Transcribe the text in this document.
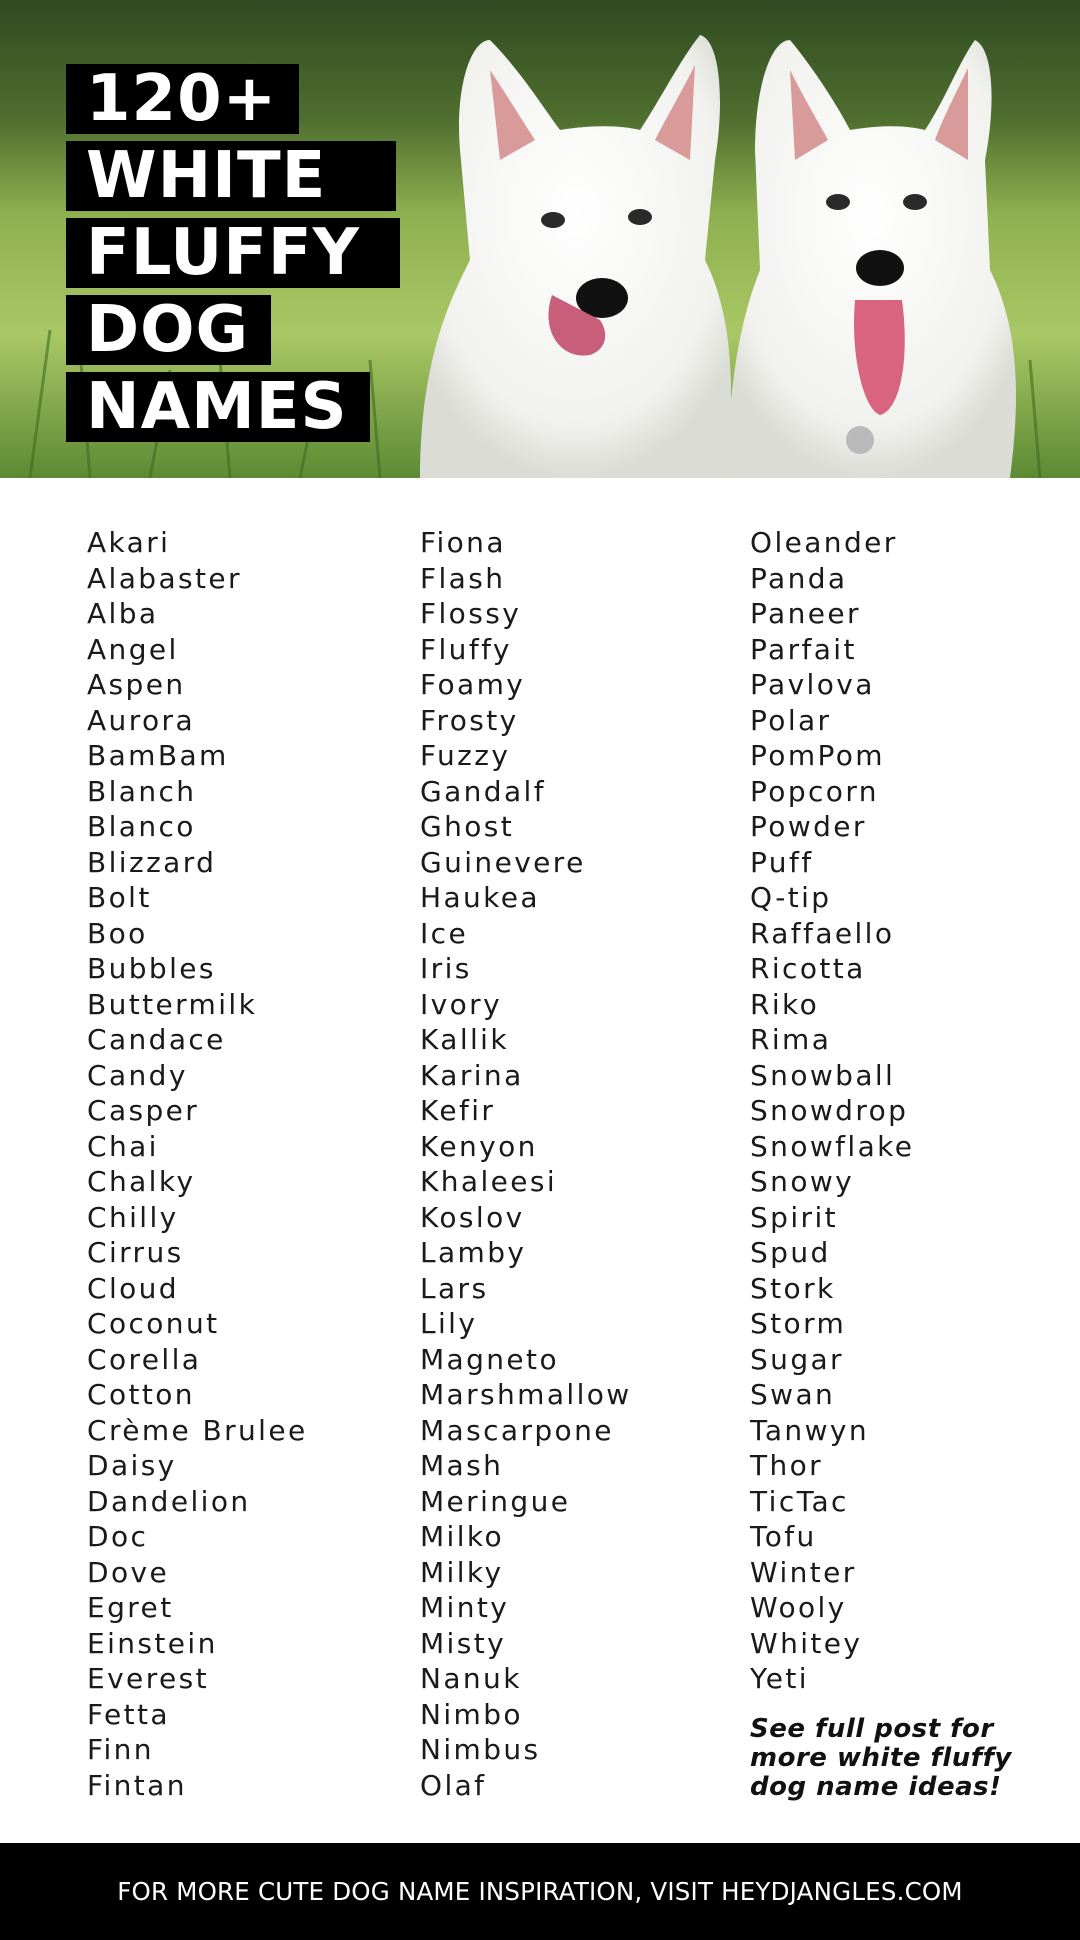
120+
WHITE
FLUFFY
DOG
NAMES
Akari
Alabaster
Alba
Angel
Aspen
Aurora
BamBam
Blanch
Blanco
Blizzard
Bolt
Boo
Bubbles
Buttermilk
Candace
Candy
Casper
Chai
Chalky
Chilly
Cirrus
Cloud
Coconut
Corella
Cotton
Crème Brulee
Daisy
Dandelion
Doc
Dove
Egret
Einstein
Everest
Fetta
Finn
Fintan
Fiona
Flash
Flossy
Fluffy
Foamy
Frosty
Fuzzy
Gandalf
Ghost
Guinevere
Haukea
Ice
Iris
Ivory
Kallik
Karina
Kefir
Kenyon
Khaleesi
Koslov
Lamby
Lars
Lily
Magneto
Marshmallow
Mascarpone
Mash
Meringue
Milko
Milky
Minty
Misty
Nanuk
Nimbo
Nimbus
Olaf
Oleander
Panda
Paneer
Parfait
Pavlova
Polar
PomPom
Popcorn
Powder
Puff
Q-tip
Raffaello
Ricotta
Riko
Rima
Snowball
Snowdrop
Snowflake
Snowy
Spirit
Spud
Stork
Storm
Sugar
Swan
Tanwyn
Thor
TicTac
Tofu
Winter
Wooly
Whitey
Yeti
See full post for more white fluffy dog name ideas!
FOR MORE CUTE DOG NAME INSPIRATION, VISIT HEYDJANGLES.COM
